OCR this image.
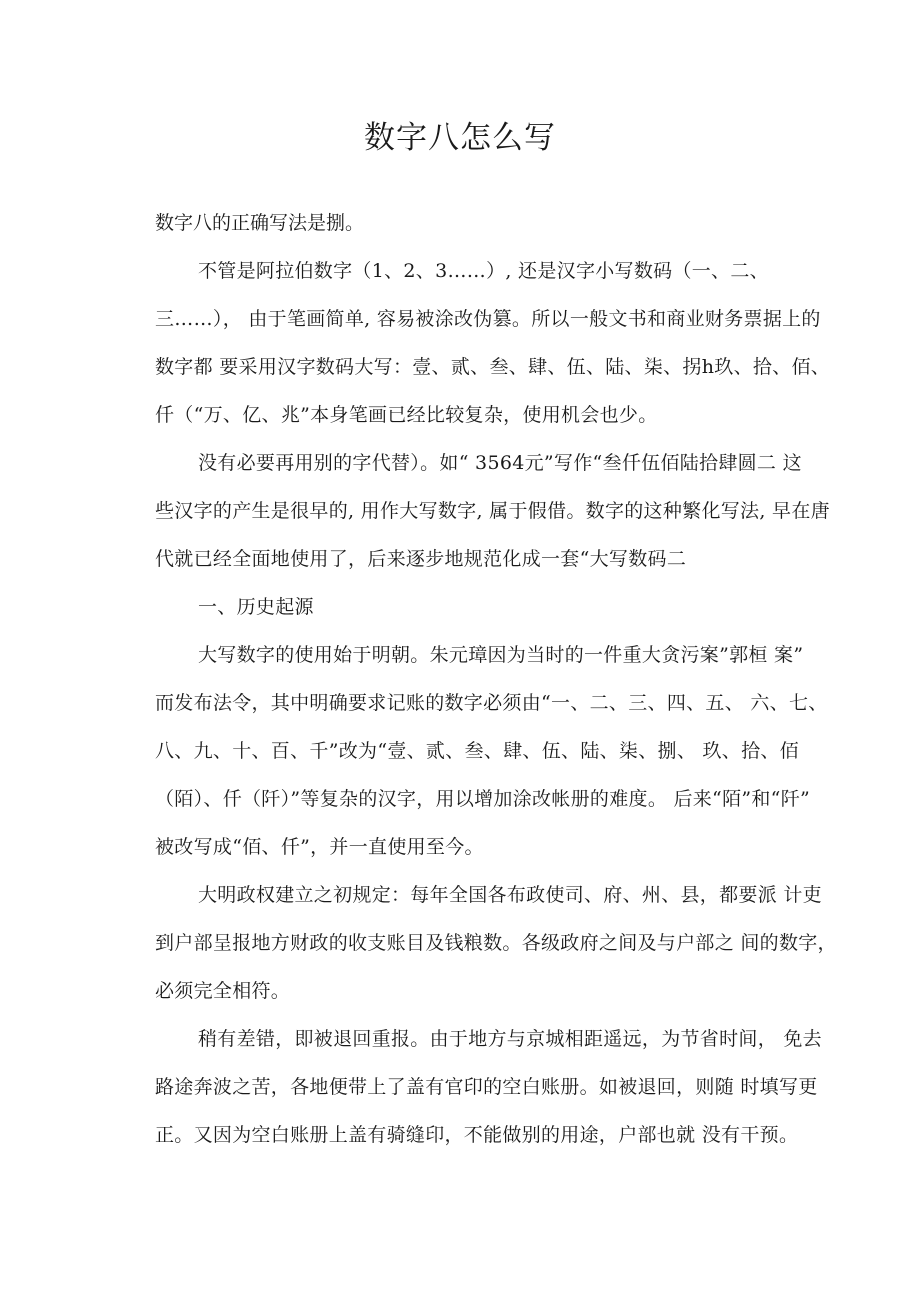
数字八怎么写

数字八的正确写法是捌。

不管是阿拉伯数字（1、2、3……）, 还是汉字小写数码（一、二、
三……）， 由于笔画简单, 容易被涂改伪篡。所以一般文书和商业财务票据上的
数字都 要采用汉字数码大写：壹、贰、叁、肆、伍、陆、柒、拐h玖、拾、佰、
仟（“万、亿、兆”本身笔画已经比较复杂，使用机会也少。

没有必要再用别的字代替）。如“ 3564元”写作“叁仟伍佰陆拾肆圆二 这
些汉字的产生是很早的, 用作大写数字, 属于假借。数字的这种繁化写法, 早在唐
代就已经全面地使用了，后来逐步地规范化成一套“大写数码二

一、历史起源

大写数字的使用始于明朝。朱元璋因为当时的一件重大贪污案”郭桓 案”
而发布法令，其中明确要求记账的数字必须由“一、二、三、四、五、 六、七、
八、九、十、百、千”改为“壹、贰、叁、肆、伍、陆、柒、捌、 玖、拾、佰
（陌）、仟（阡）”等复杂的汉字，用以增加涂改帐册的难度。 后来“陌”和“阡”
被改写成“佰、仟”，并一直使用至今。

大明政权建立之初规定：每年全国各布政使司、府、州、县，都要派 计吏
到户部呈报地方财政的收支账目及钱粮数。各级政府之间及与户部之 间的数字，
必须完全相符。

稍有差错，即被退回重报。由于地方与京城相距遥远，为节省时间， 免去
路途奔波之苦，各地便带上了盖有官印的空白账册。如被退回，则随 时填写更
正。又因为空白账册上盖有骑缝印，不能做别的用途，户部也就 没有干预。
